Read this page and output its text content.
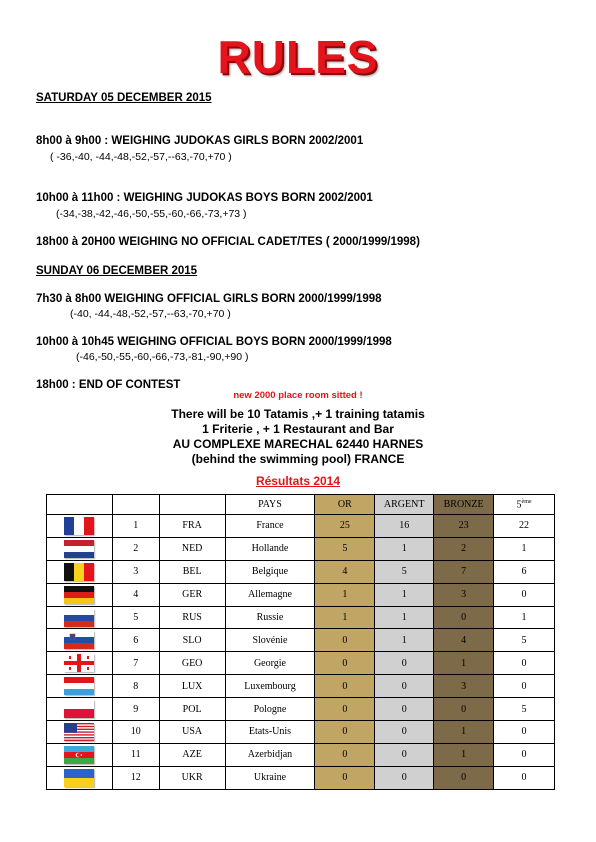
RULES
SATURDAY 05 DECEMBER 2015
8h00 à 9h00 : WEIGHING JUDOKAS GIRLS BORN 2002/2001
( -36,-40, -44,-48,-52,-57,--63,-70,+70 )
10h00 à 11h00 : WEIGHING JUDOKAS BOYS BORN 2002/2001
(-34,-38,-42,-46,-50,-55,-60,-66,-73,+73 )
18h00 à 20H00 WEIGHING NO OFFICIAL CADET/TES ( 2000/1999/1998)
SUNDAY 06 DECEMBER 2015
7h30 à 8h00 WEIGHING OFFICIAL GIRLS BORN 2000/1999/1998
(-40, -44,-48,-52,-57,--63,-70,+70 )
10h00 à 10h45 WEIGHING OFFICIAL BOYS BORN 2000/1999/1998
(-46,-50,-55,-60,-66,-73,-81,-90,+90 )
18h00 : END OF CONTEST
new 2000 place room sitted !
There will be 10 Tatamis ,+ 1 training tatamis
1 Friterie , + 1 Restaurant and Bar
AU COMPLEXE MARECHAL 62440 HARNES
(behind the swimming pool) FRANCE
Résultats 2014
			PAYS	OR	ARGENT	BRONZE	5ème

	1	FRA	France	25	16	23	22

	2	NED	Hollande	5	1	2	1

	3	BEL	Belgique	4	5	7	6

	4	GER	Allemagne	1	1	3	0

	5	RUS	Russie	1	1	0	1

	6	SLO	Slovénie	0	1	4	5

	7	GEO	Georgie	0	0	1	0

	8	LUX	Luxembourg	0	0	3	0

	9	POL	Pologne	0	0	0	5

	10	USA	Etats-Unis	0	0	1	0

	11	AZE	Azerbidjan	0	0	1	0

	12	UKR	Ukraine	0	0	0	0
